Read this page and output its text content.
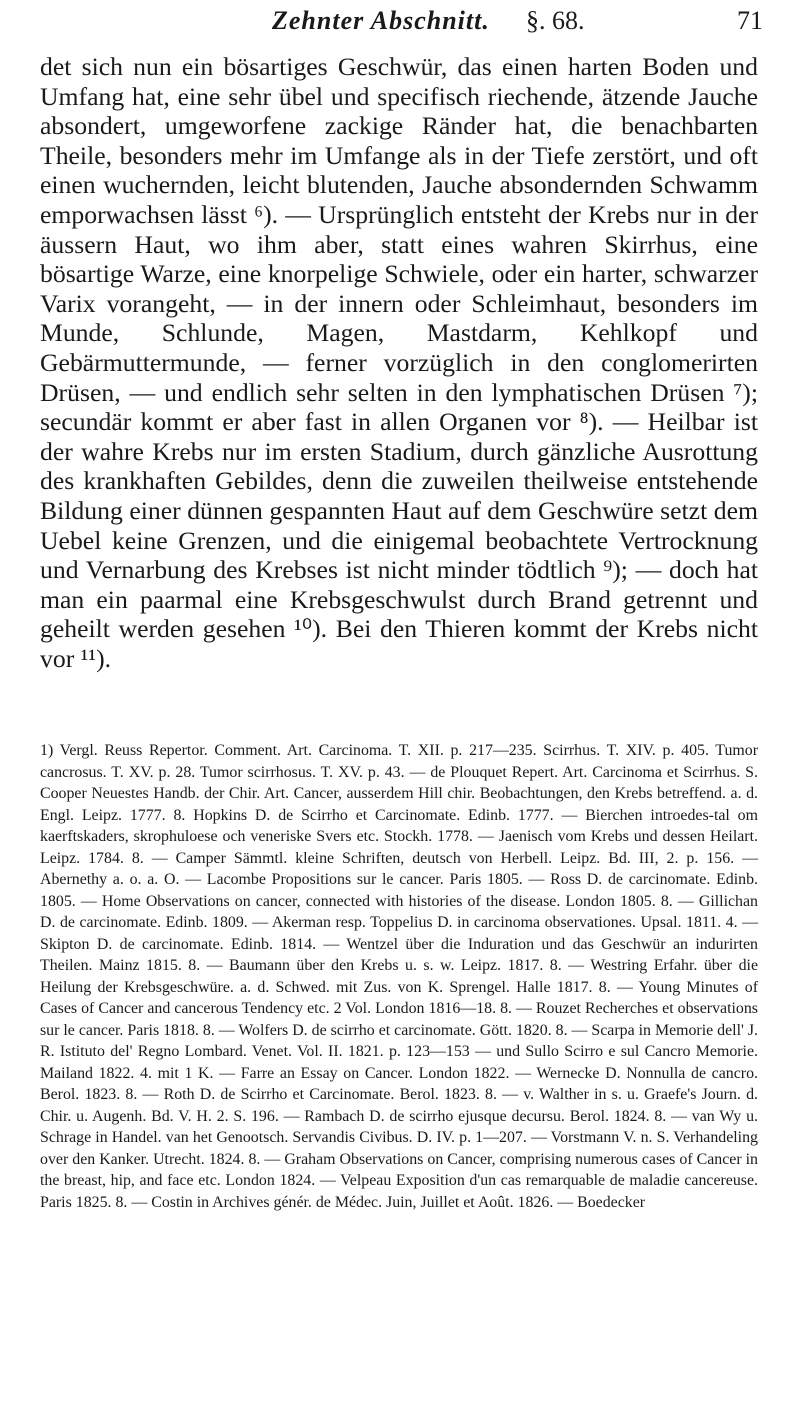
Zehnter Abschnitt. §. 68.	71

det sich nun ein bösartiges Geschwür, das einen harten Boden und Umfang hat, eine sehr übel und specifisch riechende, ätzende Jauche absondert, umgeworfene zackige Ränder hat, die benachbarten Theile, besonders mehr im Umfange als in der Tiefe zerstört, und oft einen wuchernden, leicht blutenden, Jauche absondernden Schwamm emporwachsen lässt ⁶). — Ursprünglich entsteht der Krebs nur in der äussern Haut, wo ihm aber, statt eines wahren Skirrhus, eine bösartige Warze, eine knorpelige Schwiele, oder ein harter, schwarzer Varix vorangeht, — in der innern oder Schleimhaut, besonders im Munde, Schlunde, Magen, Mastdarm, Kehlkopf und Gebärmuttermunde, — ferner vorzüglich in den conglomerirten Drüsen, — und endlich sehr selten in den lymphatischen Drüsen ⁷); secundär kommt er aber fast in allen Organen vor ⁸). — Heilbar ist der wahre Krebs nur im ersten Stadium, durch gänzliche Ausrottung des krankhaften Gebildes, denn die zuweilen theilweise entstehende Bildung einer dünnen gespannten Haut auf dem Geschwüre setzt dem Uebel keine Grenzen, und die einigemal beobachtete Vertrocknung und Vernarbung des Krebses ist nicht minder tödtlich ⁹); — doch hat man ein paarmal eine Krebsgeschwulst durch Brand getrennt und geheilt werden gesehen ¹⁰). Bei den Thieren kommt der Krebs nicht vor ¹¹).

1) Vergl. Reuss Repertor. Comment. Art. Carcinoma. T. XII. p. 217—235. Scirrhus. T. XIV. p. 405. Tumor cancrosus. T. XV. p. 28. Tumor scirrhosus. T. XV. p. 43. — de Plouquet Repert. Art. Carcinoma et Scirrhus. S. Cooper Neuestes Handb. der Chir. Art. Cancer, ausserdem Hill chir. Beobachtungen, den Krebs betreffend. a. d. Engl. Leipz. 1777. 8. Hopkins D. de Scirrho et Carcinomate. Edinb. 1777. — Bierchen introedes-tal om kaerftskaders, skrophuloese och veneriske Svers etc. Stockh. 1778. — Jaenisch vom Krebs und dessen Heilart. Leipz. 1784. 8. — Camper Sämmtl. kleine Schriften, deutsch von Herbell. Leipz. Bd. III, 2. p. 156. — Abernethy a. o. a. O. — Lacombe Propositions sur le cancer. Paris 1805. — Ross D. de carcinomate. Edinb. 1805. — Home Observations on cancer, connected with histories of the disease. London 1805. 8. — Gillichan D. de carcinomate. Edinb. 1809. — Akerman resp. Toppelius D. in carcinoma observationes. Upsal. 1811. 4. — Skipton D. de carcinomate. Edinb. 1814. — Wentzel über die Induration und das Geschwür an indurirten Theilen. Mainz 1815. 8. — Baumann über den Krebs u. s. w. Leipz. 1817. 8. — Westring Erfahr. über die Heilung der Krebsgeschwüre. a. d. Schwed. mit Zus. von K. Sprengel. Halle 1817. 8. — Young Minutes of Cases of Cancer and cancerous Tendency etc. 2 Vol. London 1816—18. 8. — Rouzet Recherches et observations sur le cancer. Paris 1818. 8. — Wolfers D. de scirrho et carcinomate. Gött. 1820. 8. — Scarpa in Memorie dell' J. R. Istituto del' Regno Lombard. Venet. Vol. II. 1821. p. 123—153 — und Sullo Scirro e sul Cancro Memorie. Mailand 1822. 4. mit 1 K. — Farre an Essay on Cancer. London 1822. — Wernecke D. Nonnulla de cancro. Berol. 1823. 8. — Roth D. de Scirrho et Carcinomate. Berol. 1823. 8. — v. Walther in s. u. Graefe's Journ. d. Chir. u. Augenh. Bd. V. H. 2. S. 196. — Rambach D. de scirrho ejusque decursu. Berol. 1824. 8. — van Wy u. Schrage in Handel. van het Genootsch. Servandis Civibus. D. IV. p. 1—207. — Vorstmann V. n. S. Verhandeling over den Kanker. Utrecht. 1824. 8. — Graham Observations on Cancer, comprising numerous cases of Cancer in the breast, hip, and face etc. London 1824. — Velpeau Exposition d'un cas remarquable de maladie cancereuse. Paris 1825. 8. — Costin in Archives génér. de Médec. Juin, Juillet et Août. 1826. — Boedecker
